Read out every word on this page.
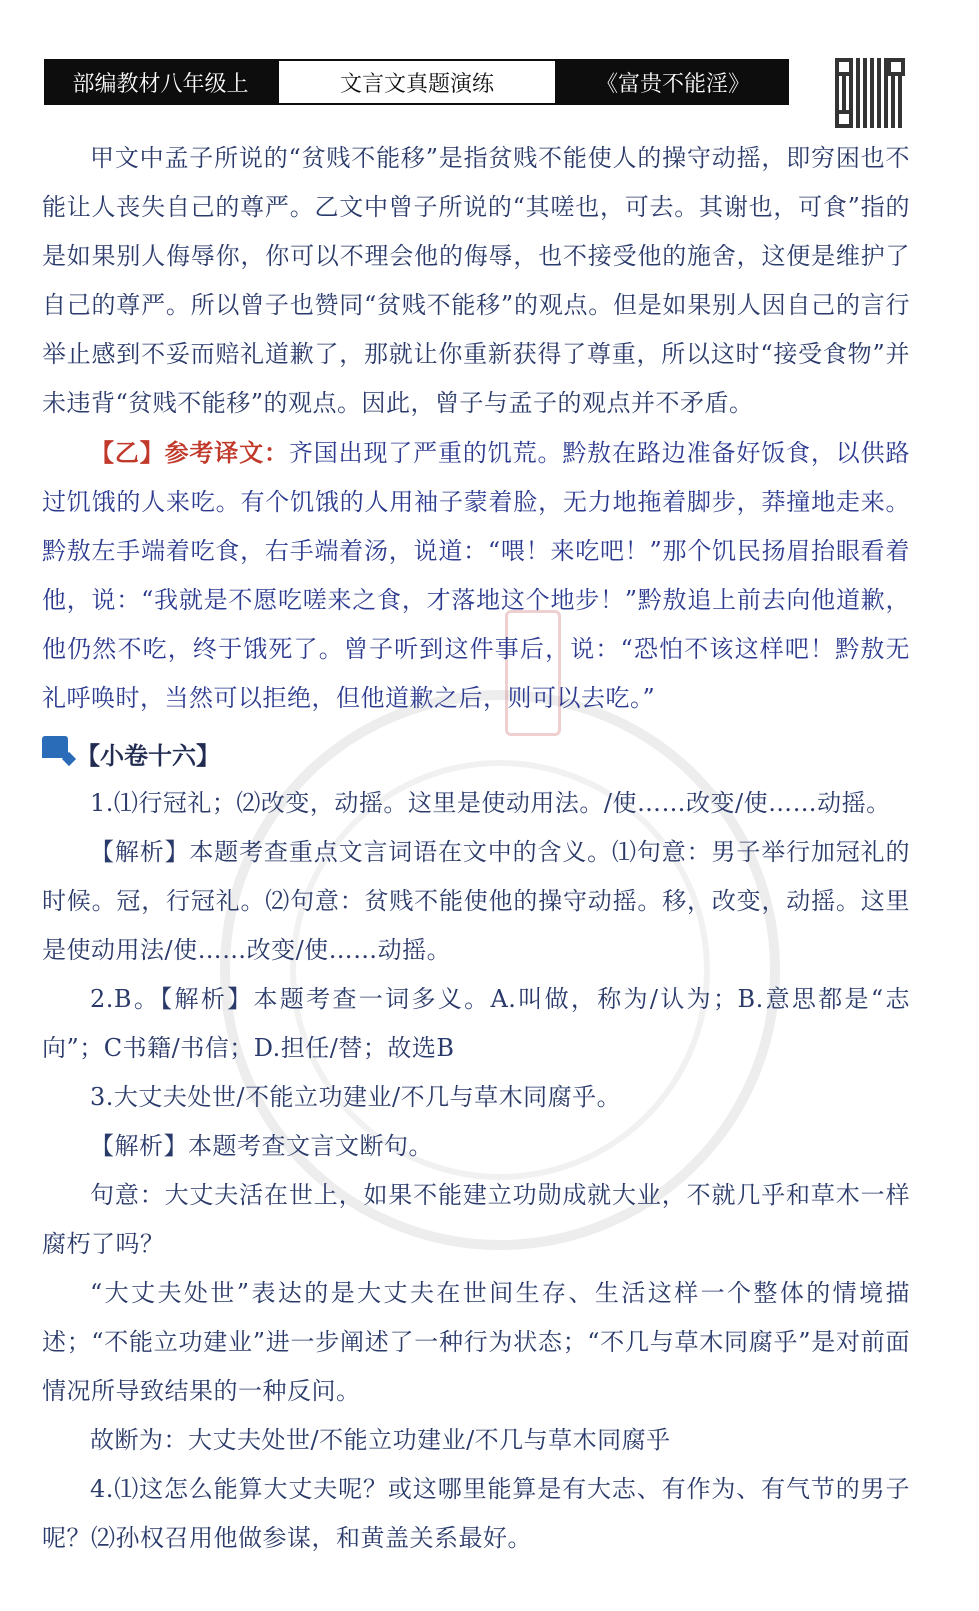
部编教材八年级上	文言文真题演练	《富贵不能淫》

甲文中孟子所说的“贫贱不能移”是指贫贱不能使人的操守动摇，即穷困也不能让人丧失自己的尊严。乙文中曾子所说的“其嗟也，可去。其谢也，可食”指的是如果别人侮辱你，你可以不理会他的侮辱，也不接受他的施舍，这便是维护了自己的尊严。所以曾子也赞同“贫贱不能移”的观点。但是如果别人因自己的言行举止感到不妥而赔礼道歉了，那就让你重新获得了尊重，所以这时“接受食物”并未违背“贫贱不能移”的观点。因此，曾子与孟子的观点并不矛盾。

【乙】参考译文：齐国出现了严重的饥荒。黔敖在路边准备好饭食，以供路过饥饿的人来吃。有个饥饿的人用袖子蒙着脸，无力地拖着脚步，莽撞地走来。黔敖左手端着吃食，右手端着汤，说道：“喂！来吃吧！”那个饥民扬眉抬眼看着他，说：“我就是不愿吃嗟来之食，才落地这个地步！”黔敖追上前去向他道歉，他仍然不吃，终于饿死了。曾子听到这件事后，说：“恐怕不该这样吧！黔敖无礼呼唤时，当然可以拒绝，但他道歉之后，则可以去吃。”

【小卷十六】

1.⑴行冠礼；⑵改变，动摇。这里是使动用法。/使……改变/使……动摇。

【解析】本题考查重点文言词语在文中的含义。⑴句意：男子举行加冠礼的时候。冠，行冠礼。⑵句意：贫贱不能使他的操守动摇。移，改变，动摇。这里是使动用法/使……改变/使……动摇。

2.B。【解析】本题考查一词多义。A.叫做，称为/认为；B.意思都是“志向”；C书籍/书信；D.担任/替；故选B

3.大丈夫处世/不能立功建业/不几与草木同腐乎。

【解析】本题考查文言文断句。

句意：大丈夫活在世上，如果不能建立功勋成就大业，不就几乎和草木一样腐朽了吗？

“大丈夫处世”表达的是大丈夫在世间生存、生活这样一个整体的情境描述；“不能立功建业”进一步阐述了一种行为状态；“不几与草木同腐乎”是对前面情况所导致结果的一种反问。

故断为：大丈夫处世/不能立功建业/不几与草木同腐乎

4.⑴这怎么能算大丈夫呢？或这哪里能算是有大志、有作为、有气节的男子呢？⑵孙权召用他做参谋，和黄盖关系最好。
